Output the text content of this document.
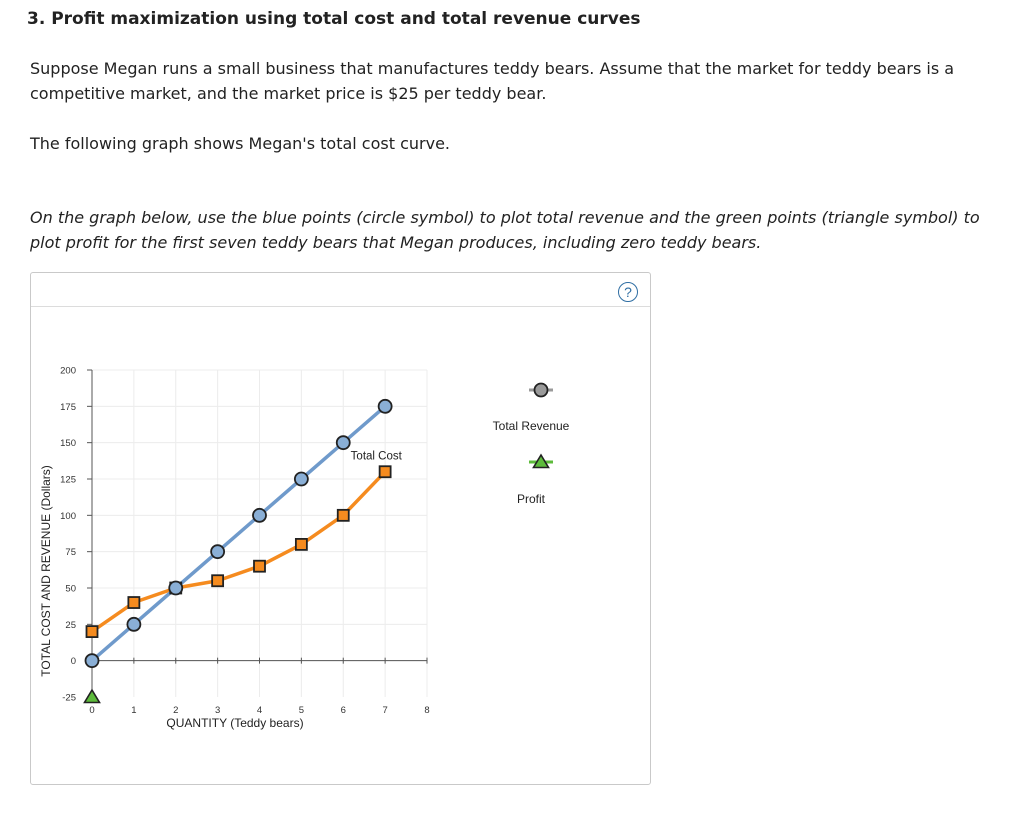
3. Profit maximization using total cost and total revenue curves
Suppose Megan runs a small business that manufactures teddy bears. Assume that the market for teddy bears is a competitive market, and the market price is $25 per teddy bear.
The following graph shows Megan's total cost curve.
On the graph below, use the blue points (circle symbol) to plot total revenue and the green points (triangle symbol) to plot profit for the first seven teddy bears that Megan produces, including zero teddy bears.
?
-25
0
25
50
75
100
125
150
175
200
0	1	2	3	4	5	6	7	8
QUANTITY (Teddy bears)
TOTAL COST AND REVENUE (Dollars)
Total Cost
Total Revenue
Profit
